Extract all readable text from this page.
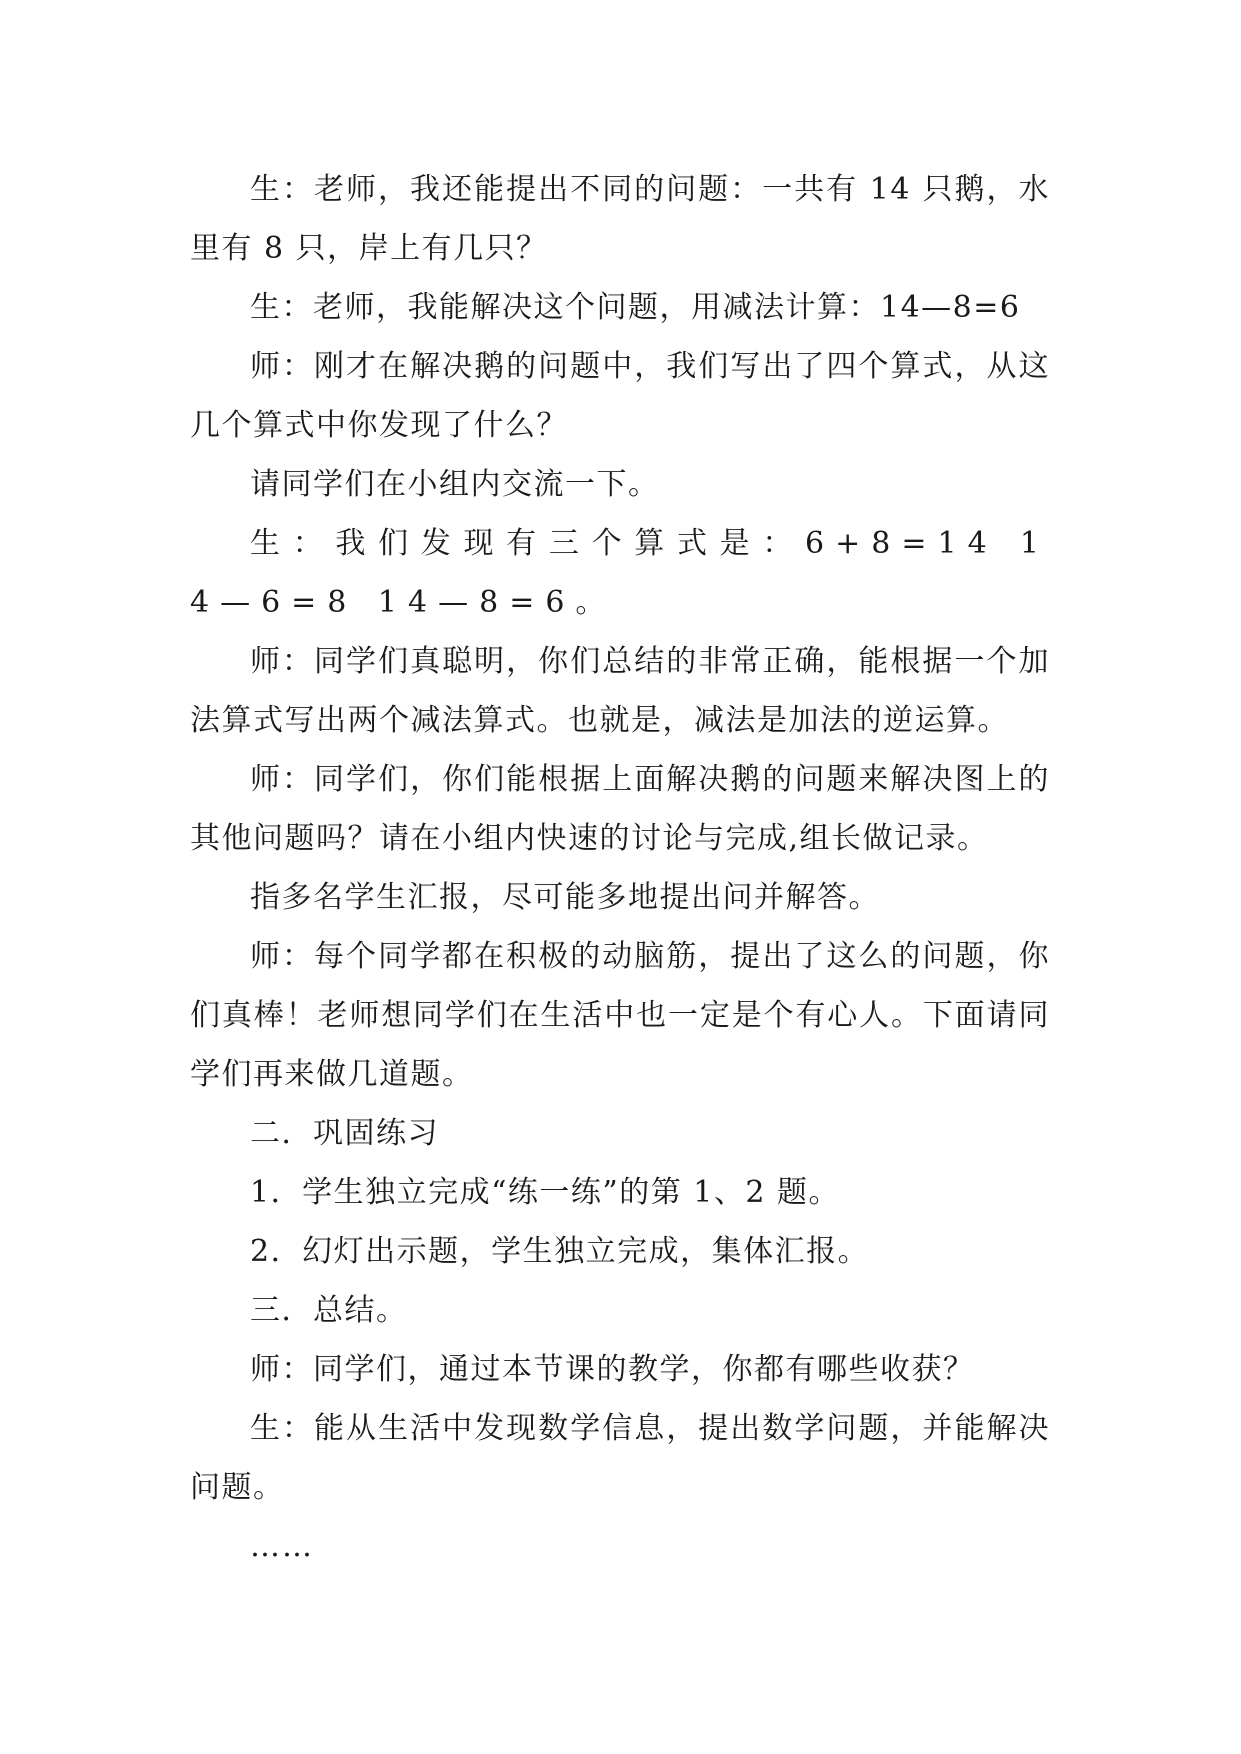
生：老师，我还能提出不同的问题：一共有 14 只鹅，水里有 8 只，岸上有几只？

生：老师，我能解决这个问题，用减法计算：14—8=6

师：刚才在解决鹅的问题中，我们写出了四个算式，从这几个算式中你发现了什么？

请同学们在小组内交流一下。

生：我们发现有三个算式是：6+8=14 14—6=8 14—8=6。

师：同学们真聪明，你们总结的非常正确，能根据一个加法算式写出两个减法算式。也就是，减法是加法的逆运算。

师：同学们，你们能根据上面解决鹅的问题来解决图上的其他问题吗？请在小组内快速的讨论与完成,组长做记录。

指多名学生汇报，尽可能多地提出问并解答。

师：每个同学都在积极的动脑筋，提出了这么的问题，你们真棒！老师想同学们在生活中也一定是个有心人。下面请同学们再来做几道题。

二．巩固练习

1．学生独立完成“练一练”的第 1、2 题。

2．幻灯出示题，学生独立完成，集体汇报。

三．总结。

师：同学们，通过本节课的教学，你都有哪些收获？

生：能从生活中发现数学信息，提出数学问题，并能解决问题。

……
